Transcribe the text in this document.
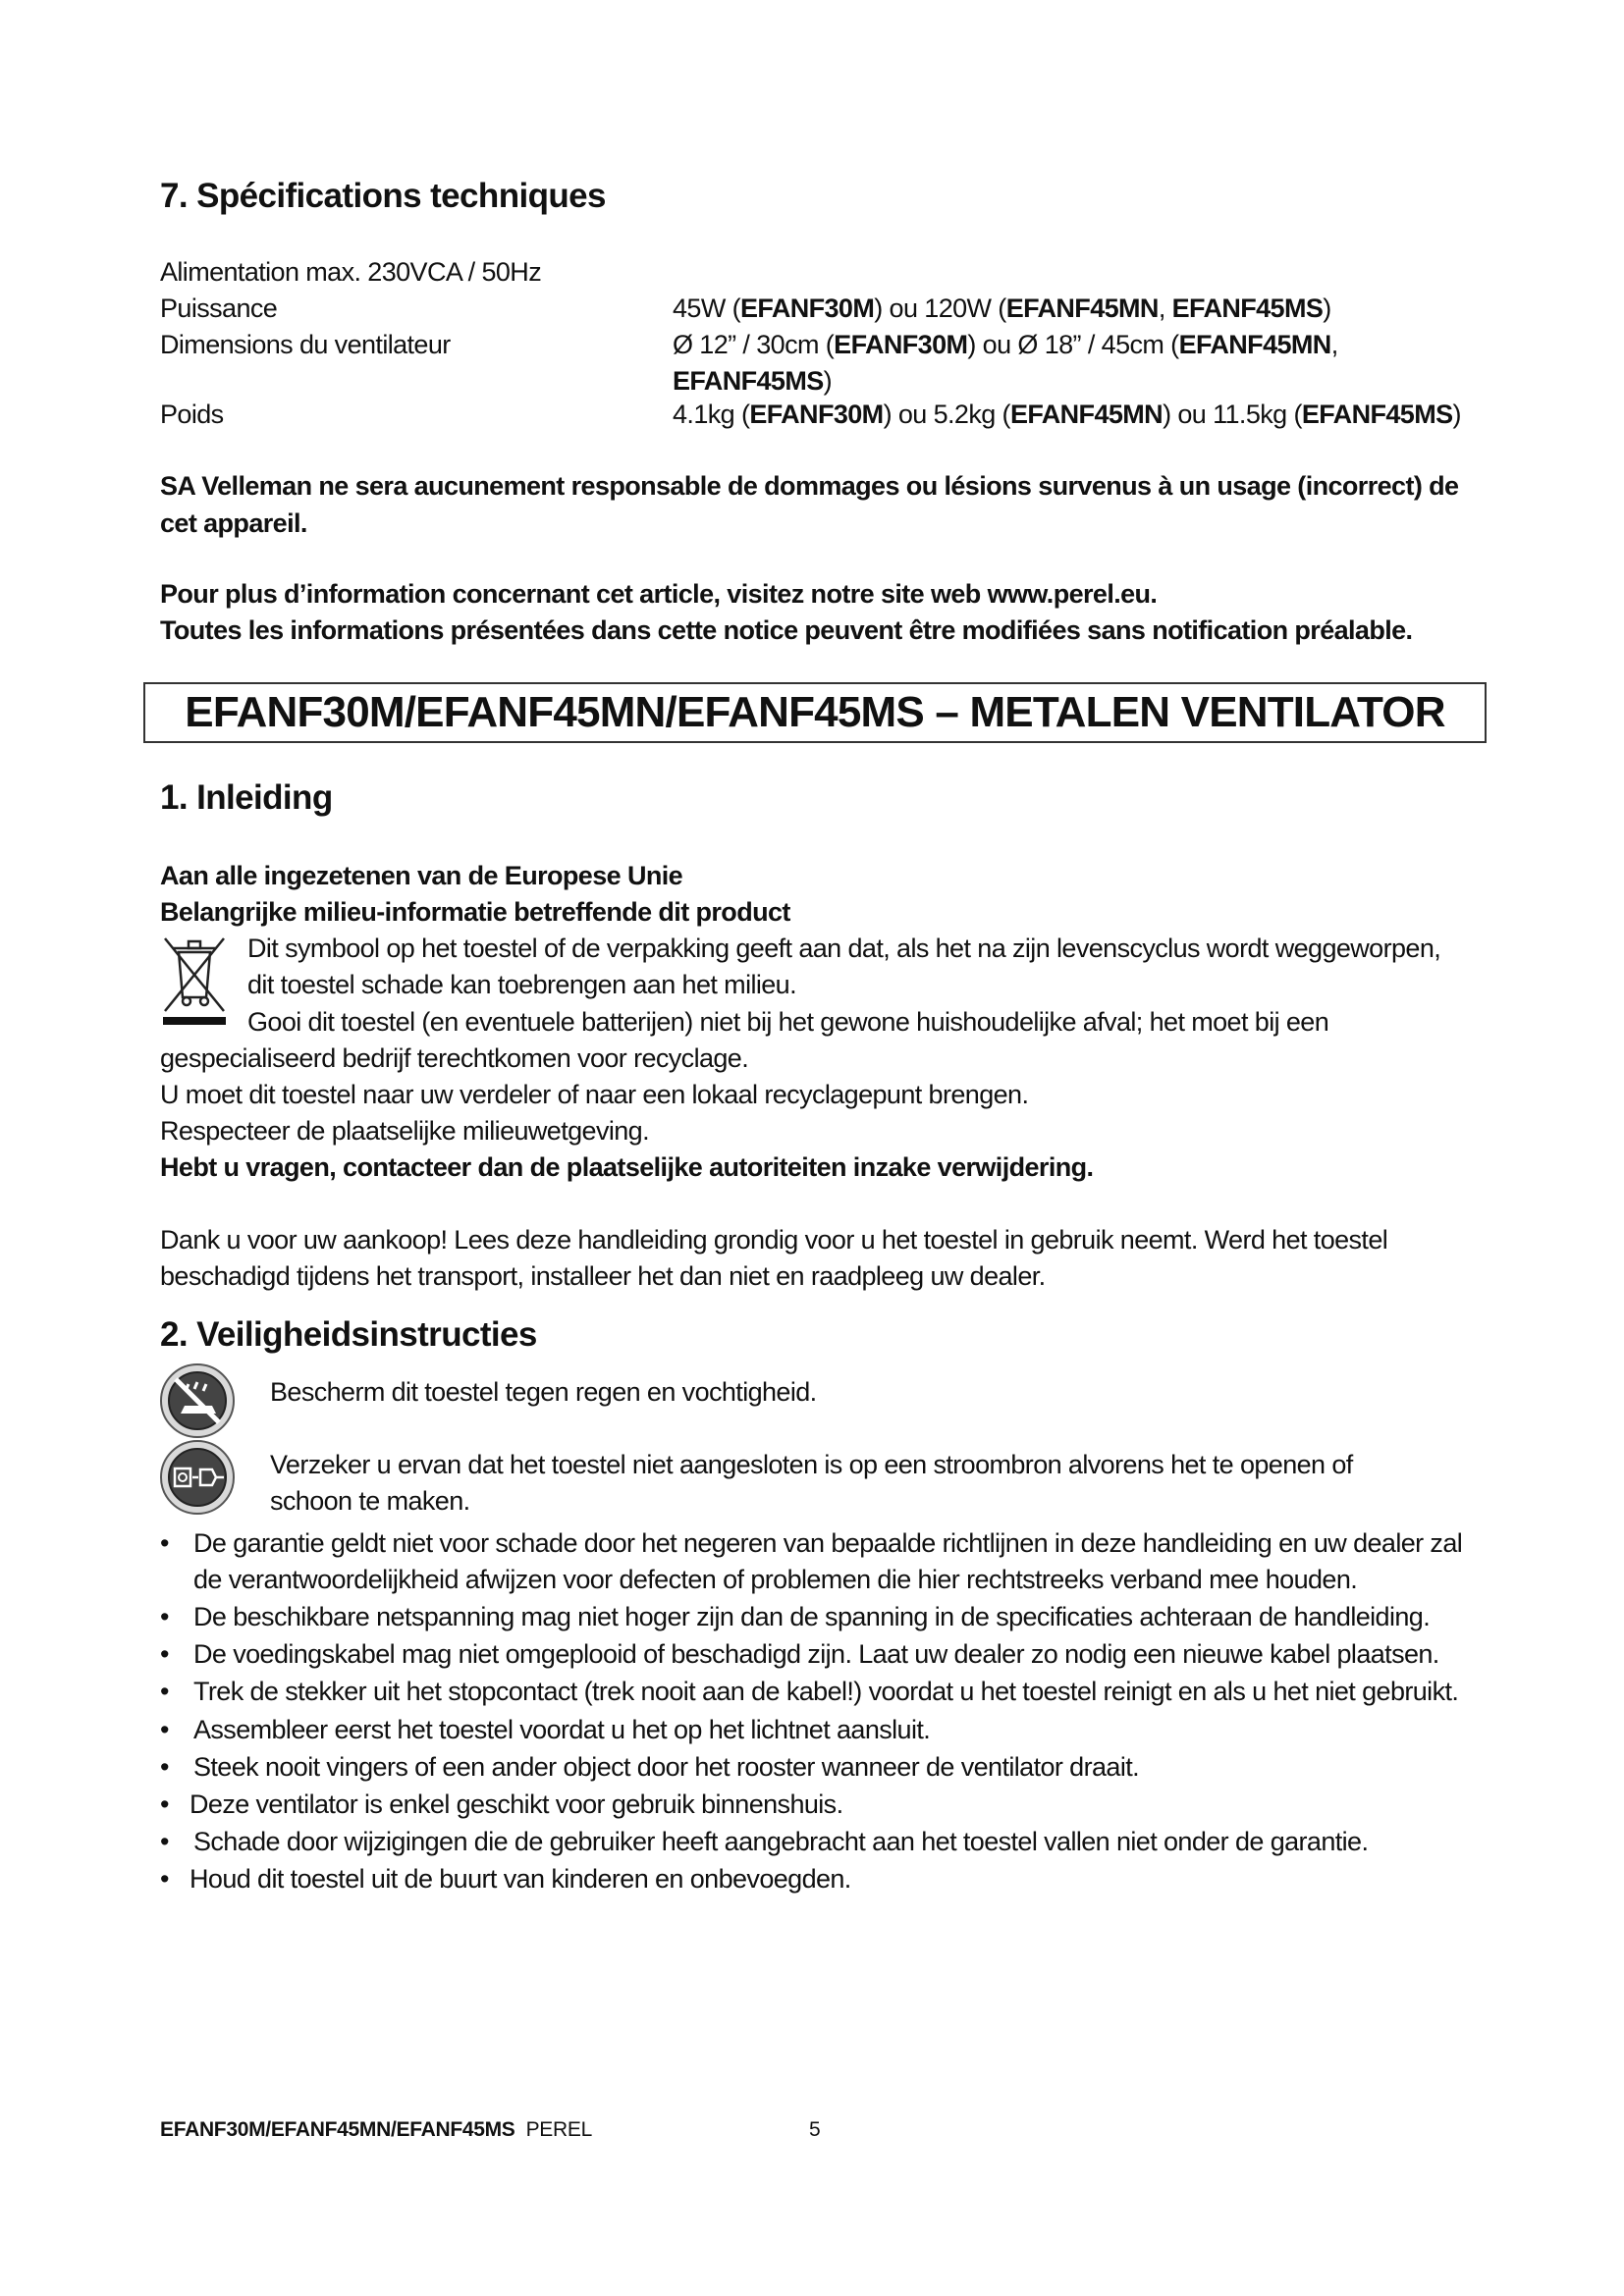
7. Spécifications techniques
Alimentation max. 230VCA / 50Hz
Puissance	45W (EFANF30M) ou 120W (EFANF45MN, EFANF45MS)
Dimensions du ventilateur	Ø 12” / 30cm (EFANF30M) ou Ø 18” / 45cm (EFANF45MN,
EFANF45MS)
Poids	4.1kg (EFANF30M) ou 5.2kg (EFANF45MN) ou 11.5kg (EFANF45MS)
SA Velleman ne sera aucunement responsable de dommages ou lésions survenus à un usage (incorrect) de
cet appareil.
Pour plus d’information concernant cet article, visitez notre site web www.perel.eu.
Toutes les informations présentées dans cette notice peuvent être modifiées sans notification préalable.
EFANF30M/EFANF45MN/EFANF45MS – METALEN VENTILATOR
1. Inleiding
Aan alle ingezetenen van de Europese Unie
Belangrijke milieu-informatie betreffende dit product
Dit symbool op het toestel of de verpakking geeft aan dat, als het na zijn levenscyclus wordt weggeworpen,
dit toestel schade kan toebrengen aan het milieu.
Gooi dit toestel (en eventuele batterijen) niet bij het gewone huishoudelijke afval; het moet bij een
gespecialiseerd bedrijf terechtkomen voor recyclage.
U moet dit toestel naar uw verdeler of naar een lokaal recyclagepunt brengen.
Respecteer de plaatselijke milieuwetgeving.
Hebt u vragen, contacteer dan de plaatselijke autoriteiten inzake verwijdering.
Dank u voor uw aankoop! Lees deze handleiding grondig voor u het toestel in gebruik neemt. Werd het toestel
beschadigd tijdens het transport, installeer het dan niet en raadpleeg uw dealer.
2. Veiligheidsinstructies
Bescherm dit toestel tegen regen en vochtigheid.
Verzeker u ervan dat het toestel niet aangesloten is op een stroombron alvorens het te openen of
schoon te maken.
• De garantie geldt niet voor schade door het negeren van bepaalde richtlijnen in deze handleiding en uw dealer zal
de verantwoordelijkheid afwijzen voor defecten of problemen die hier rechtstreeks verband mee houden.
• De beschikbare netspanning mag niet hoger zijn dan de spanning in de specificaties achteraan de handleiding.
• De voedingskabel mag niet omgeplooid of beschadigd zijn. Laat uw dealer zo nodig een nieuwe kabel plaatsen.
• Trek de stekker uit het stopcontact (trek nooit aan de kabel!) voordat u het toestel reinigt en als u het niet gebruikt.
• Assembleer eerst het toestel voordat u het op het lichtnet aansluit.
• Steek nooit vingers of een ander object door het rooster wanneer de ventilator draait.
• Deze ventilator is enkel geschikt voor gebruik binnenshuis.
• Schade door wijzigingen die de gebruiker heeft aangebracht aan het toestel vallen niet onder de garantie.
• Houd dit toestel uit de buurt van kinderen en onbevoegden.
EFANF30M/EFANF45MN/EFANF45MS PEREL	5
